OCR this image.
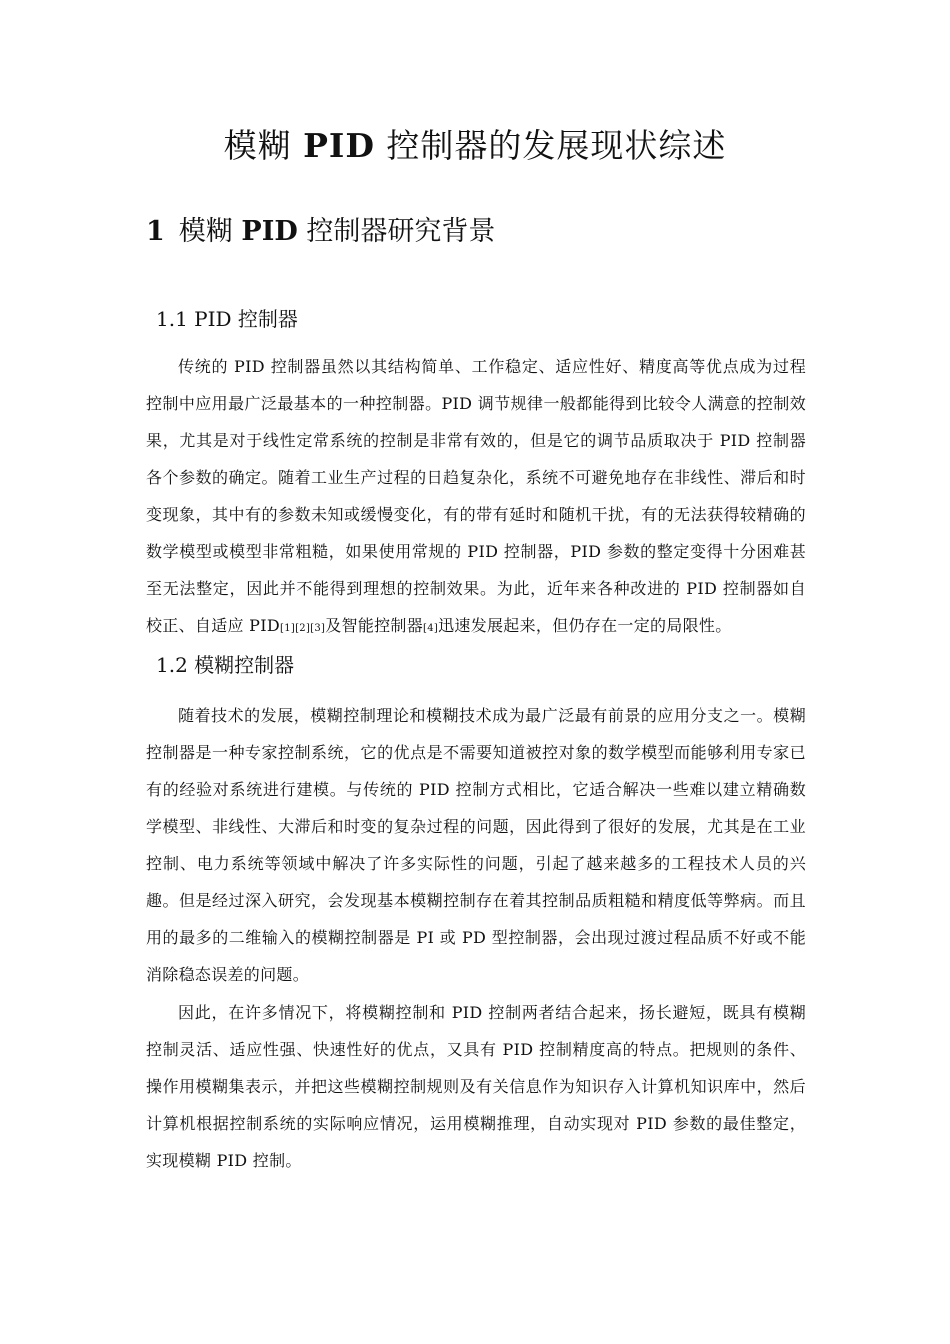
模糊 PID 控制器的发展现状综述
1 模糊 PID 控制器研究背景
1.1 PID 控制器

传统的 PID 控制器虽然以其结构简单、工作稳定、适应性好、精度高等优点成为过程控制中应用最广泛最基本的一种控制器。PID 调节规律一般都能得到比较令人满意的控制效果，尤其是对于线性定常系统的控制是非常有效的，但是它的调节品质取决于 PID 控制器各个参数的确定。随着工业生产过程的日趋复杂化，系统不可避免地存在非线性、滞后和时变现象，其中有的参数未知或缓慢变化，有的带有延时和随机干扰，有的无法获得较精确的数学模型或模型非常粗糙，如果使用常规的 PID 控制器，PID 参数的整定变得十分困难甚至无法整定，因此并不能得到理想的控制效果。为此，近年来各种改进的 PID 控制器如自校正、自适应 PID[1][2][3]及智能控制器[4]迅速发展起来，但仍存在一定的局限性。

1.2 模糊控制器

随着技术的发展，模糊控制理论和模糊技术成为最广泛最有前景的应用分支之一。模糊控制器是一种专家控制系统，它的优点是不需要知道被控对象的数学模型而能够利用专家已有的经验对系统进行建模。与传统的 PID 控制方式相比，它适合解决一些难以建立精确数学模型、非线性、大滞后和时变的复杂过程的问题，因此得到了很好的发展，尤其是在工业控制、电力系统等领域中解决了许多实际性的问题，引起了越来越多的工程技术人员的兴趣。但是经过深入研究，会发现基本模糊控制存在着其控制品质粗糙和精度低等弊病。而且用的最多的二维输入的模糊控制器是 PI 或 PD 型控制器，会出现过渡过程品质不好或不能消除稳态误差的问题。

因此，在许多情况下，将模糊控制和 PID 控制两者结合起来，扬长避短，既具有模糊控制灵活、适应性强、快速性好的优点，又具有 PID 控制精度高的特点。把规则的条件、操作用模糊集表示，并把这些模糊控制规则及有关信息作为知识存入计算机知识库中，然后计算机根据控制系统的实际响应情况，运用模糊推理，自动实现对 PID 参数的最佳整定，实现模糊 PID 控制。
